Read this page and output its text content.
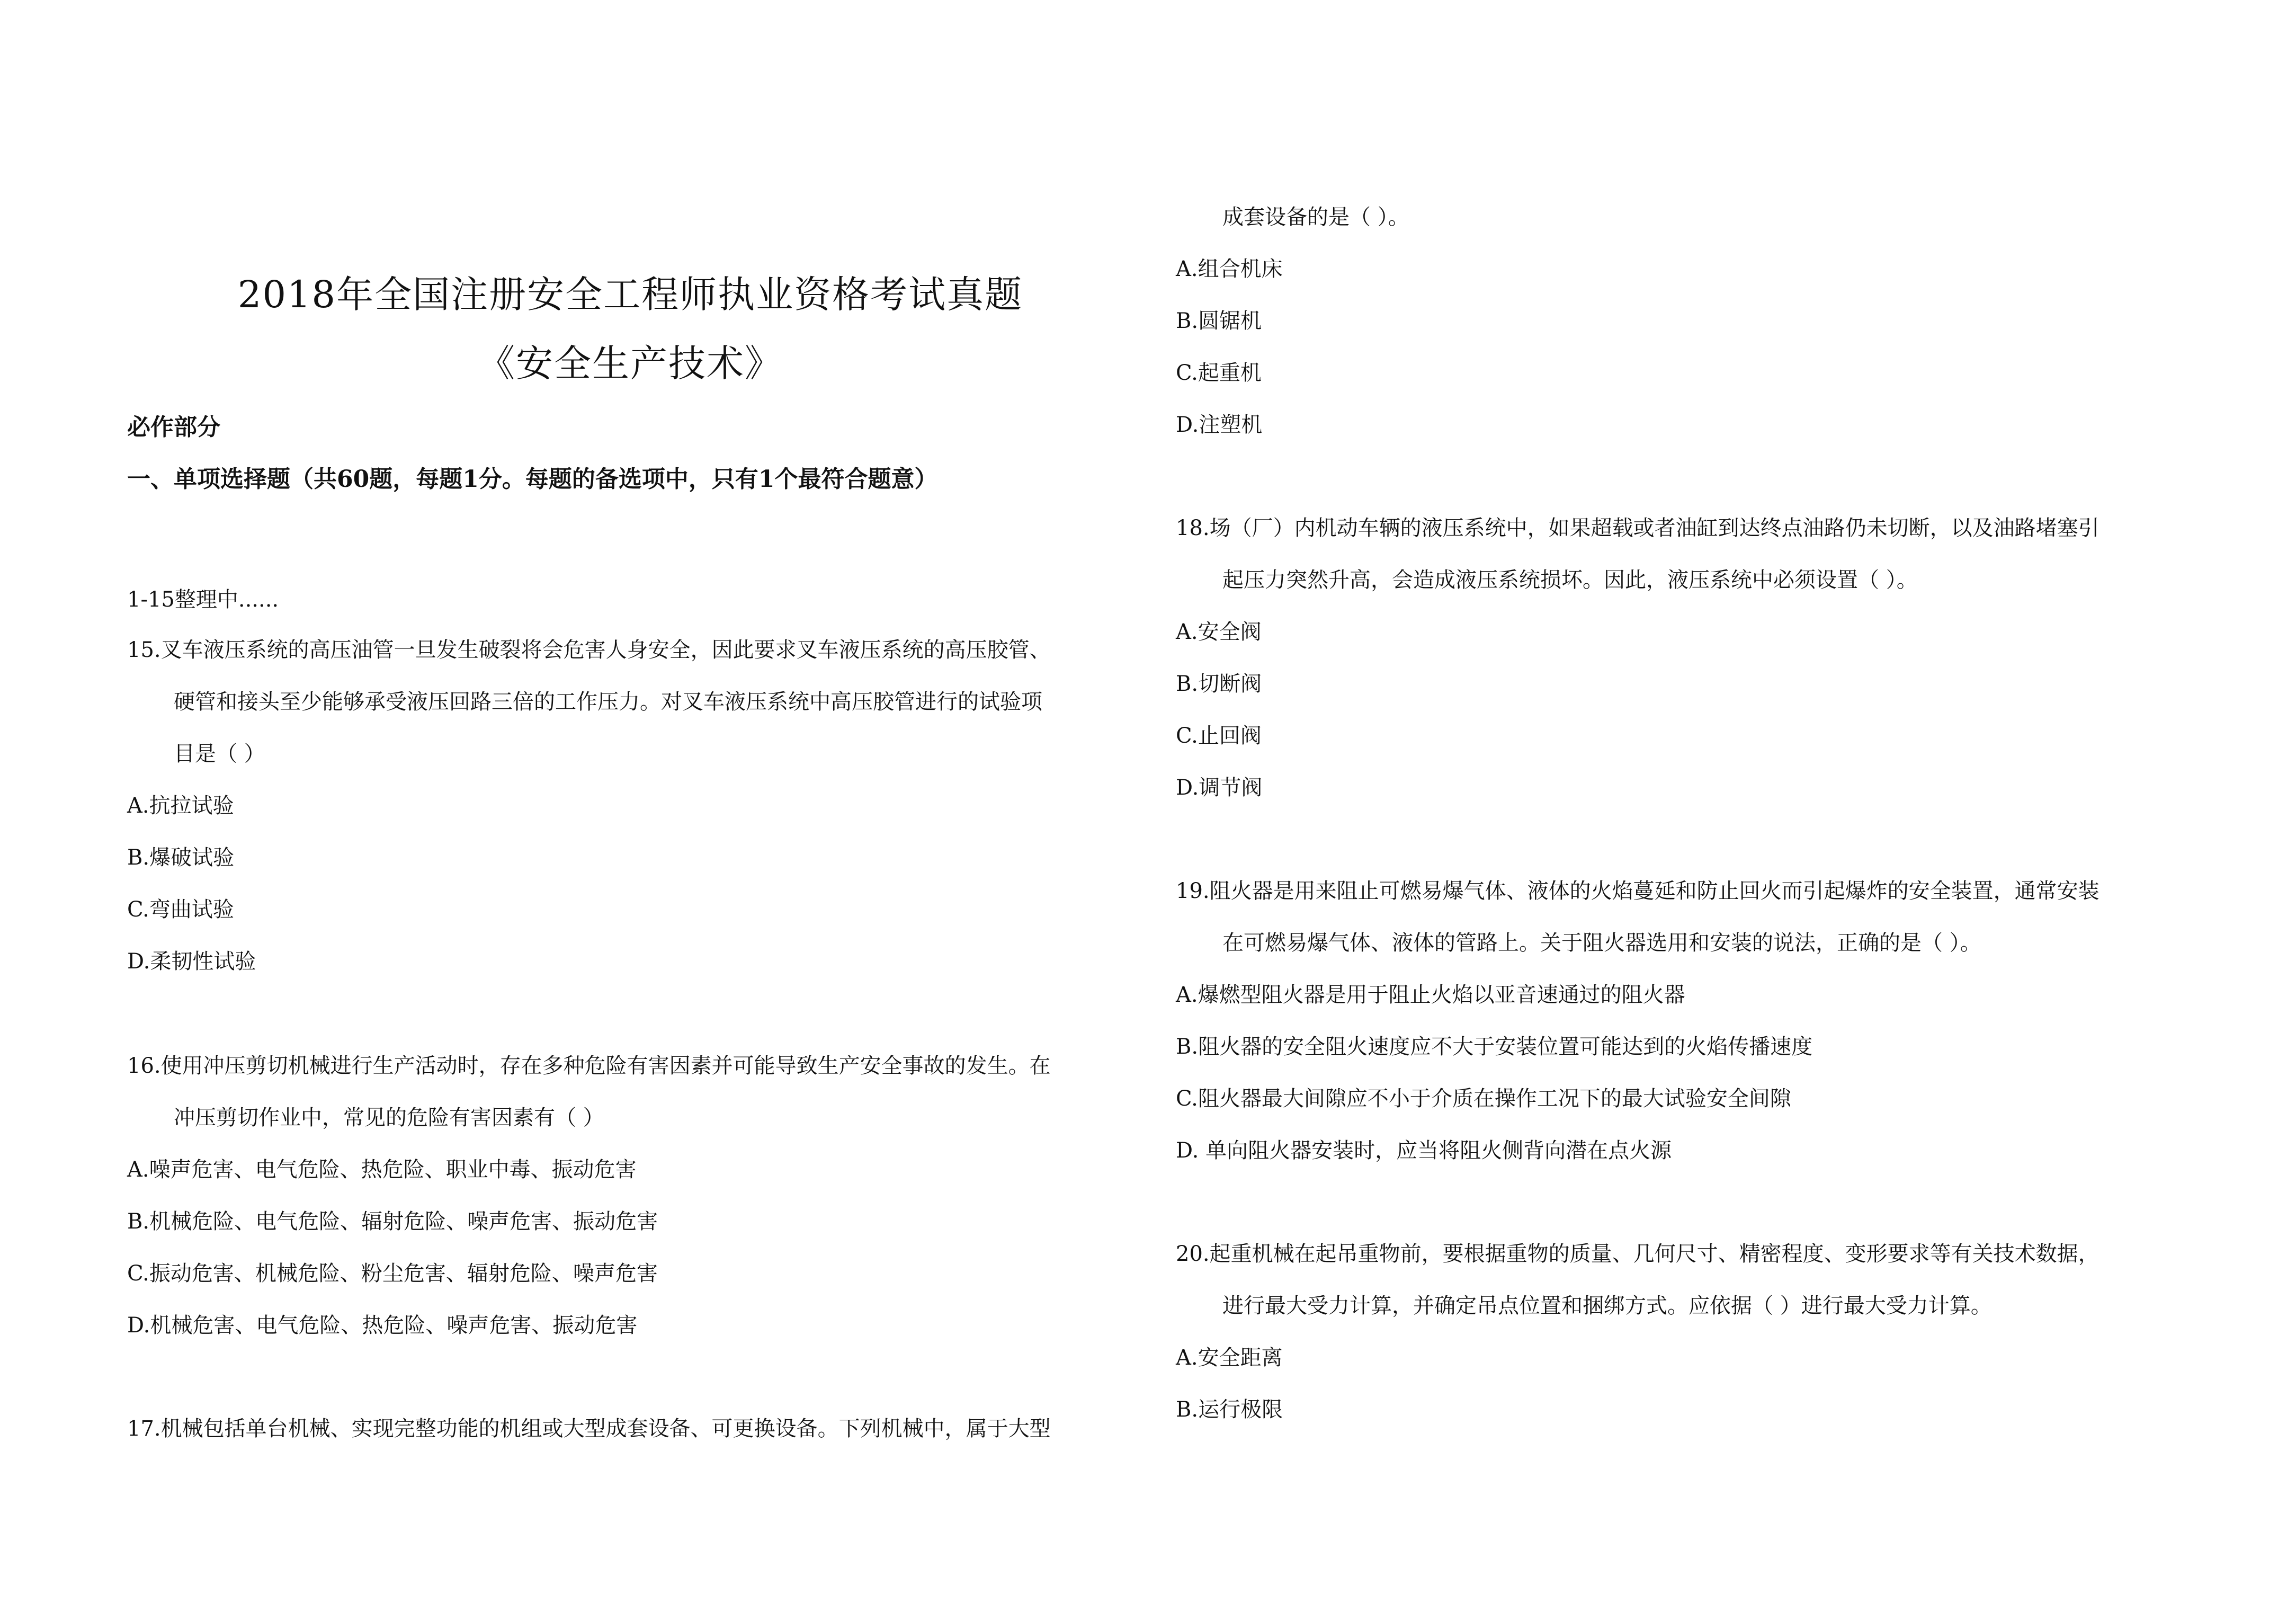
2018年全国注册安全工程师执业资格考试真题
《安全生产技术》
必作部分
一、单项选择题（共60题，每题1分。每题的备选项中，只有1个最符合题意）
1-15整理中......
15.叉车液压系统的高压油管一旦发生破裂将会危害人身安全，因此要求叉车液压系统的高压胶管、
硬管和接头至少能够承受液压回路三倍的工作压力。对叉车液压系统中高压胶管进行的试验项
目是（ ）
A.抗拉试验
B.爆破试验
C.弯曲试验
D.柔韧性试验
16.使用冲压剪切机械进行生产活动时，存在多种危险有害因素并可能导致生产安全事故的发生。在
冲压剪切作业中，常见的危险有害因素有（ ）
A.噪声危害、电气危险、热危险、职业中毒、振动危害
B.机械危险、电气危险、辐射危险、噪声危害、振动危害
C.振动危害、机械危险、粉尘危害、辐射危险、噪声危害
D.机械危害、电气危险、热危险、噪声危害、振动危害
17.机械包括单台机械、实现完整功能的机组或大型成套设备、可更换设备。下列机械中，属于大型
成套设备的是（ ）。
A.组合机床
B.圆锯机
C.起重机
D.注塑机
18.场（厂）内机动车辆的液压系统中，如果超载或者油缸到达终点油路仍未切断，以及油路堵塞引
起压力突然升高，会造成液压系统损坏。因此，液压系统中必须设置（ ）。
A.安全阀
B.切断阀
C.止回阀
D.调节阀
19.阻火器是用来阻止可燃易爆气体、液体的火焰蔓延和防止回火而引起爆炸的安全装置，通常安装
在可燃易爆气体、液体的管路上。关于阻火器选用和安装的说法，正确的是（ ）。
A.爆燃型阻火器是用于阻止火焰以亚音速通过的阻火器
B.阻火器的安全阻火速度应不大于安装位置可能达到的火焰传播速度
C.阻火器最大间隙应不小于介质在操作工况下的最大试验安全间隙
D. 单向阻火器安装时，应当将阻火侧背向潜在点火源
20.起重机械在起吊重物前，要根据重物的质量、几何尺寸、精密程度、变形要求等有关技术数据，
进行最大受力计算，并确定吊点位置和捆绑方式。应依据（ ）进行最大受力计算。
A.安全距离
B.运行极限
